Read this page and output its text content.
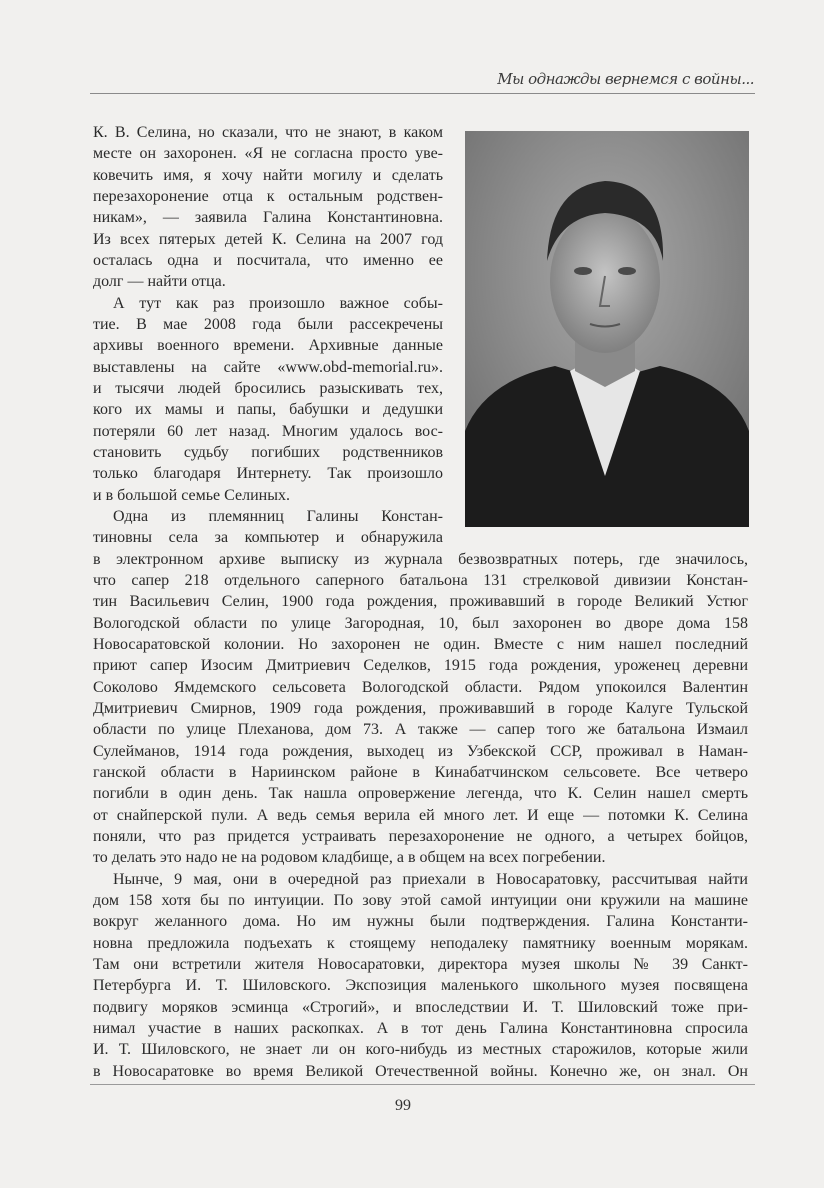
Мы однажды вернемся с войны...
К. В. Селина, но сказали, что не знают, в каком
месте он захоронен. «Я не согласна просто уве-
ковечить имя, я хочу найти могилу и сделать
перезахоронение отца к остальным родствен-
никам», — заявила Галина Константиновна.
Из всех пятерых детей К. Селина на 2007 год
осталась одна и посчитала, что именно ее
долг — найти отца.
А тут как раз произошло важное собы-
тие. В мае 2008 года были рассекречены
архивы военного времени. Архивные данные
выставлены на сайте «www.obd-memorial.ru».
и тысячи людей бросились разыскивать тех,
кого их мамы и папы, бабушки и дедушки
потеряли 60 лет назад. Многим удалось вос-
становить судьбу погибших родственников
только благодаря Интернету. Так произошло
и в большой семье Селиных.
Одна из племянниц Галины Констан-
тиновны села за компьютер и обнаружила
в электронном архиве выписку из журнала безвозвратных потерь, где значилось,
что сапер 218 отдельного саперного батальона 131 стрелковой дивизии Констан-
тин Васильевич Селин, 1900 года рождения, проживавший в городе Великий Устюг
Вологодской области по улице Загородная, 10, был захоронен во дворе дома 158
Новосаратовской колонии. Но захоронен не один. Вместе с ним нашел последний
приют сапер Изосим Дмитриевич Седелков, 1915 года рождения, уроженец деревни
Соколово Ямдемского сельсовета Вологодской области. Рядом упокоился Валентин
Дмитриевич Смирнов, 1909 года рождения, проживавший в городе Калуге Тульской
области по улице Плеханова, дом 73. А также — сапер того же батальона Измаил
Сулейманов, 1914 года рождения, выходец из Узбекской ССР, проживал в Наман-
ганской области в Нариинском районе в Кинабатчинском сельсовете. Все четверо
погибли в один день. Так нашла опровержение легенда, что К. Селин нашел смерть
от снайперской пули. А ведь семья верила ей много лет. И еще — потомки К. Селина
поняли, что раз придется устраивать перезахоронение не одного, а четырех бойцов,
то делать это надо не на родовом кладбище, а в общем на всех погребении.
Нынче, 9 мая, они в очередной раз приехали в Новосаратовку, рассчитывая найти
дом 158 хотя бы по интуиции. По зову этой самой интуиции они кружили на машине
вокруг желанного дома. Но им нужны были подтверждения. Галина Константи-
новна предложила подъехать к стоящему неподалеку памятнику военным морякам.
Там они встретили жителя Новосаратовки, директора музея школы № 39 Санкт-
Петербурга И. Т. Шиловского. Экспозиция маленького школьного музея посвящена
подвигу моряков эсминца «Строгий», и впоследствии И. Т. Шиловский тоже при-
нимал участие в наших раскопках. А в тот день Галина Константиновна спросила
И. Т. Шиловского, не знает ли он кого-нибудь из местных старожилов, которые жили
в Новосаратовке во время Великой Отечественной войны. Конечно же, он знал. Он
99
